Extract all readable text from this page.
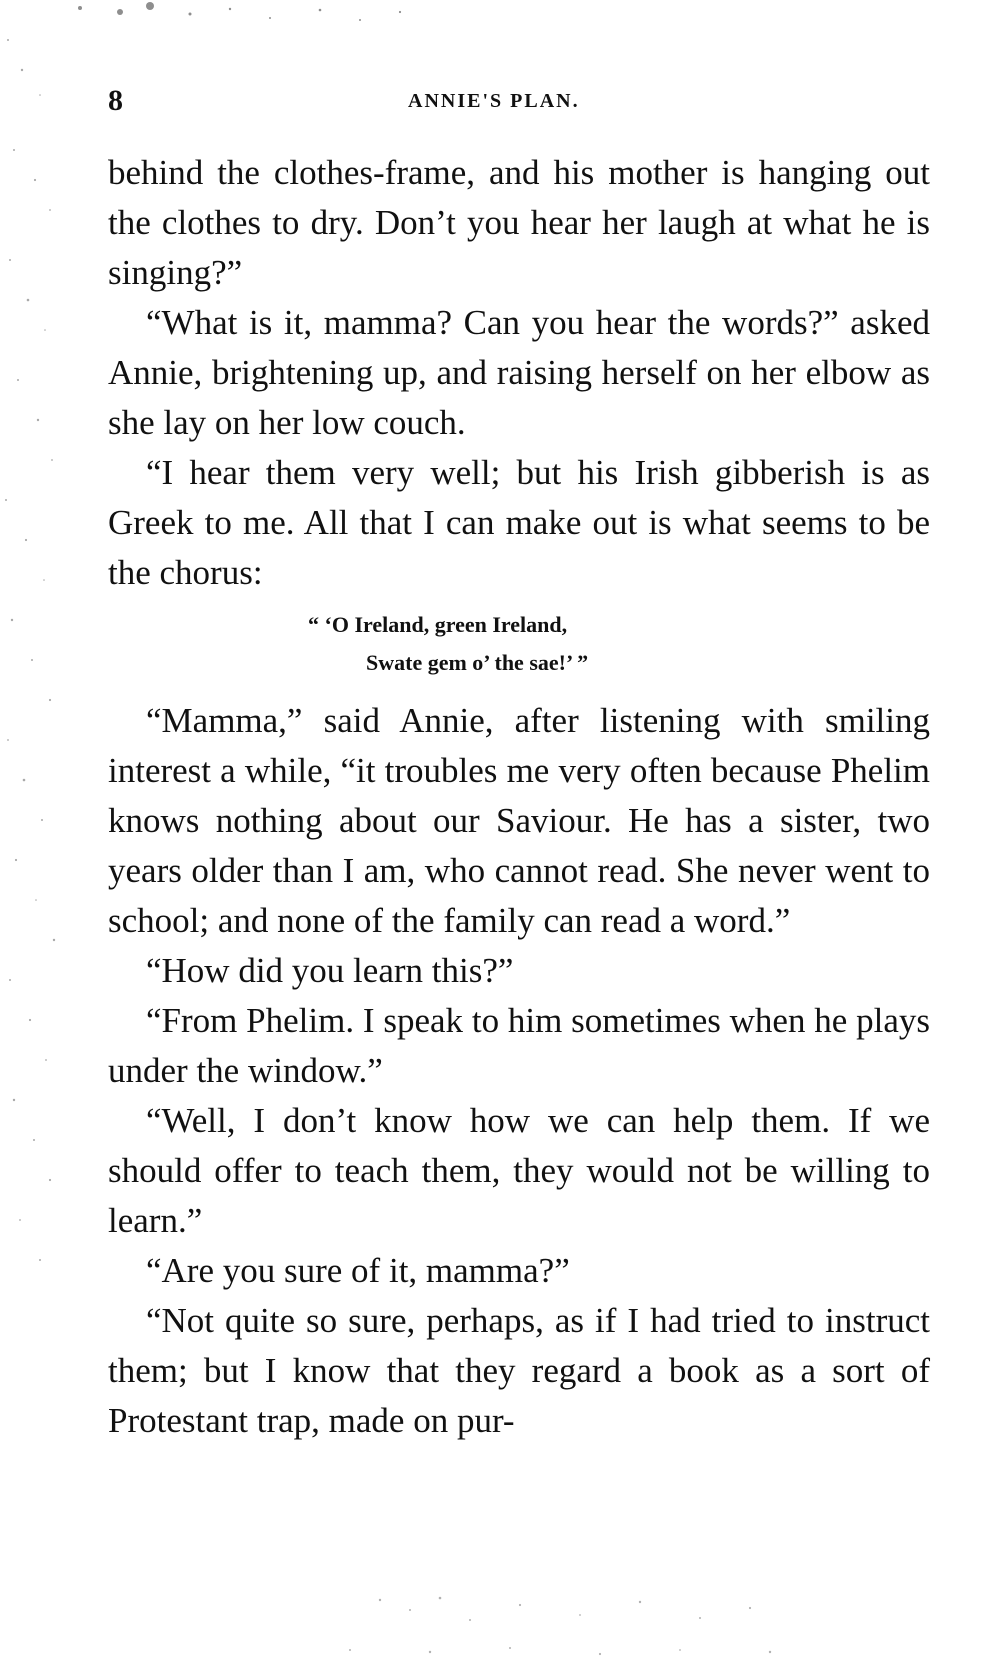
8	ANNIE'S PLAN.

behind the clothes-frame, and his mother is hanging out the clothes to dry. Don’t you hear her laugh at what he is singing?”

“What is it, mamma? Can you hear the words?” asked Annie, brightening up, and raising herself on her elbow as she lay on her low couch.

“I hear them very well; but his Irish gibberish is as Greek to me. All that I can make out is what seems to be the chorus:

“ ‘O Ireland, green Ireland,
Swate gem o’ the sae!’ ”

“Mamma,” said Annie, after listening with smiling interest a while, “it troubles me very often because Phelim knows nothing about our Saviour. He has a sister, two years older than I am, who cannot read. She never went to school; and none of the family can read a word.”

“How did you learn this?”

“From Phelim. I speak to him sometimes when he plays under the window.”

“Well, I don’t know how we can help them. If we should offer to teach them, they would not be willing to learn.”

“Are you sure of it, mamma?”

“Not quite so sure, perhaps, as if I had tried to instruct them; but I know that they regard a book as a sort of Protestant trap, made on pur-
